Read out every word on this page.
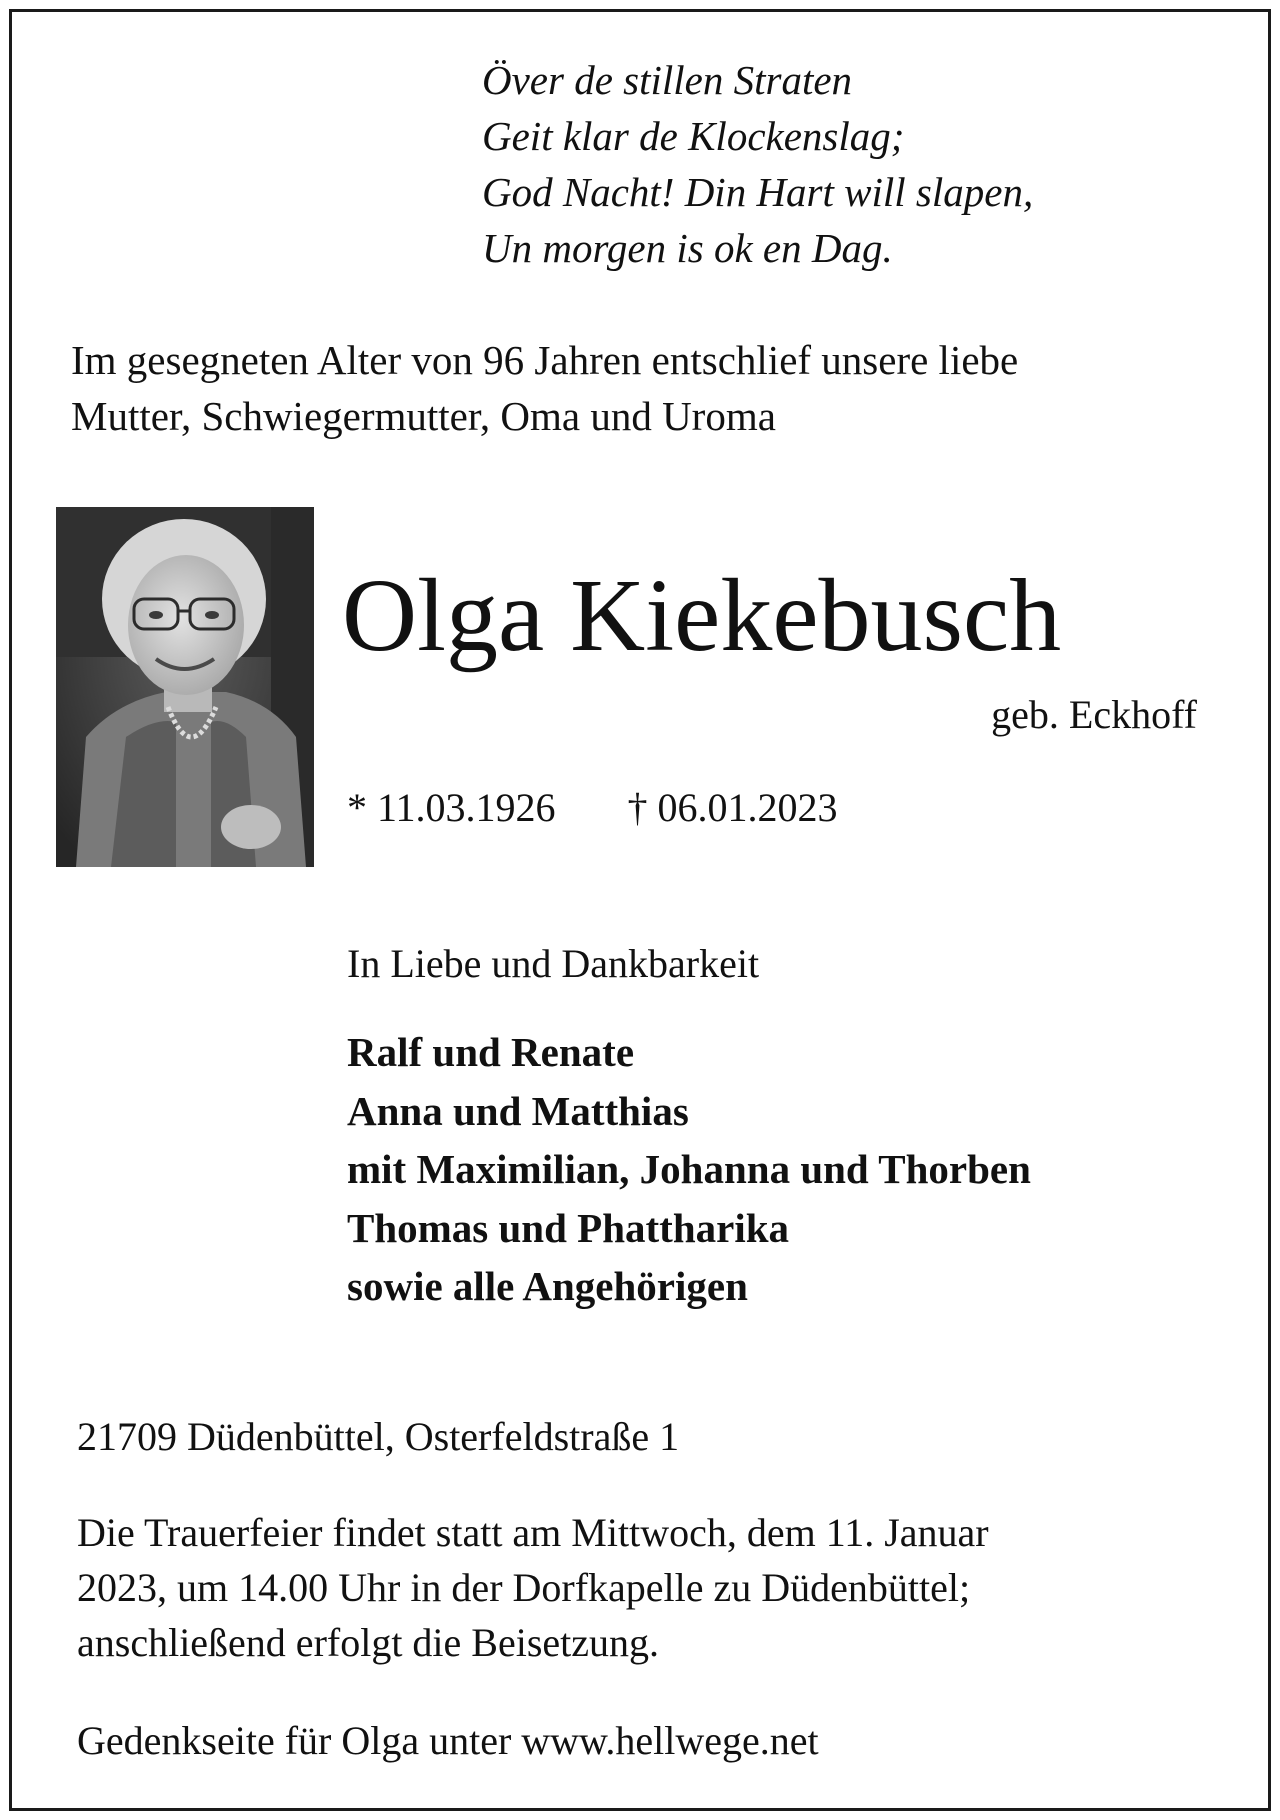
Över de stillen Straten
Geit klar de Klockenslag;
God Nacht! Din Hart will slapen,
Un morgen is ok en Dag.
Im gesegneten Alter von 96 Jahren entschlief unsere liebe
Mutter, Schwiegermutter, Oma und Uroma
Olga Kiekebusch
geb. Eckhoff
* 11.03.1926 † 06.01.2023
In Liebe und Dankbarkeit
Ralf und Renate
Anna und Matthias
mit Maximilian, Johanna und Thorben
Thomas und Phattharika
sowie alle Angehörigen
21709 Düdenbüttel, Osterfeldstraße 1
Die Trauerfeier findet statt am Mittwoch, dem 11. Januar
2023, um 14.00 Uhr in der Dorfkapelle zu Düdenbüttel;
anschließend erfolgt die Beisetzung.
Gedenkseite für Olga unter www.hellwege.net
